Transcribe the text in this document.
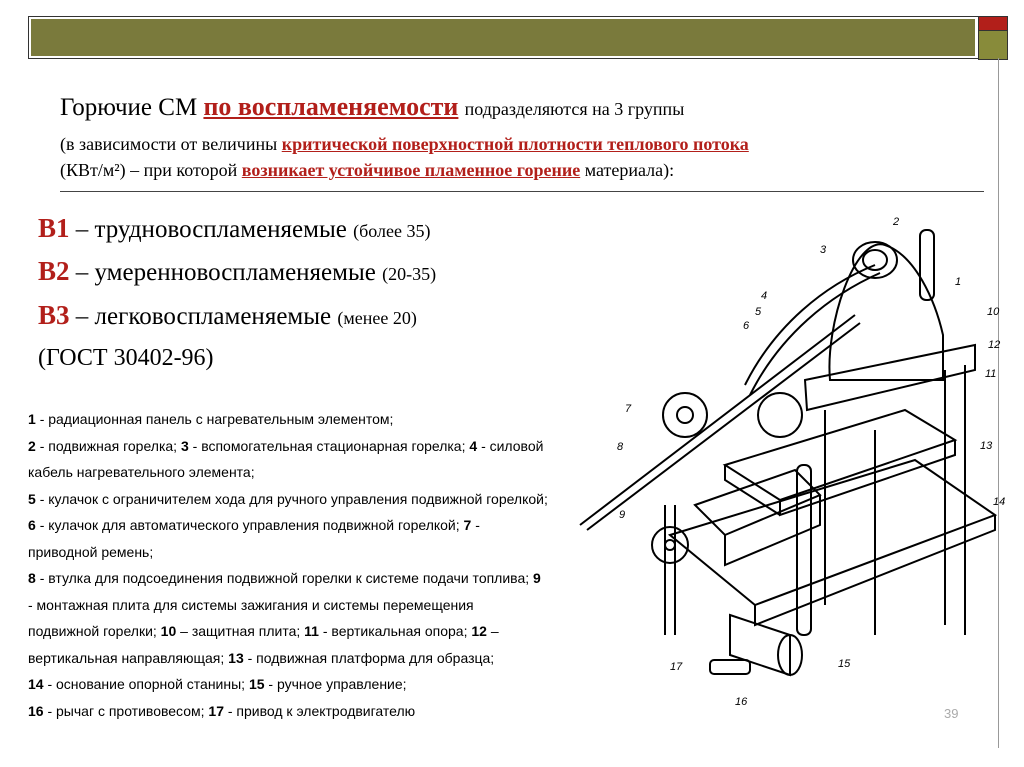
Горючие СМ по воспламеняемости подразделяются на 3 группы
(в зависимости от величины критической поверхностной плотности теплового потока
(КВт/м²) – при которой возникает устойчивое пламенное горение материала):
В1 – трудновоспламеняемые (более 35)
В2 – умеренновоспламеняемые (20-35)
В3 – легковоспламеняемые (менее 20)
(ГОСТ 30402-96)
1 - радиационная панель с нагревательным элементом;
2 - подвижная горелка; 3 - вспомогательная стационарная горелка; 4 - силовой кабель нагревательного элемента;
5 - кулачок с ограничителем хода для ручного управления подвижной горелкой; 6 - кулачок для автоматического управления подвижной горелкой; 7 - приводной ремень;
8 - втулка для подсоединения подвижной горелки к системе подачи топлива; 9 - монтажная плита для системы зажигания и системы перемещения подвижной горелки; 10 – защитная плита; 11 - вертикальная опора; 12 – вертикальная направляющая; 13 - подвижная платформа для образца;
14 - основание опорной станины; 15 - ручное управление;
16 - рычаг с противовесом; 17 - привод к электродвигателю
1
2
3
4
5
6
7
8
9
10
11
12
13
14
15
16
17
39
